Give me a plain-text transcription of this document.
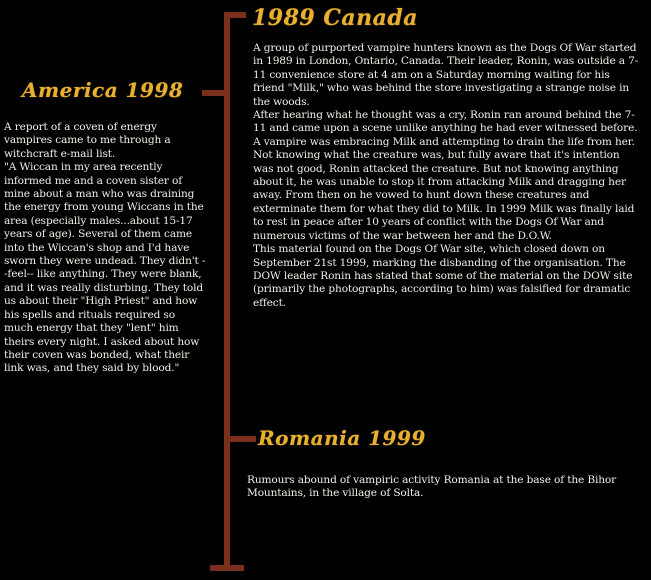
1989 Canada

A group of purported vampire hunters known as the Dogs Of War started in 1989 in London, Ontario, Canada. Their leader, Ronin, was outside a 7-11 convenience store at 4 am on a Saturday morning waiting for his friend "Milk," who was behind the store investigating a strange noise in the woods.

After hearing what he thought was a cry, Ronin ran around behind the 7-11 and came upon a scene unlike anything he had ever witnessed before. A vampire was embracing Milk and attempting to drain the life from her. Not knowing what the creature was, but fully aware that it's intention was not good, Ronin attacked the creature. But not knowing anything about it, he was unable to stop it from attacking Milk and dragging her away. From then on he vowed to hunt down these creatures and exterminate them for what they did to Milk. In 1999 Milk was finally laid to rest in peace after 10 years of conflict with the Dogs Of War and numerous victims of the war between her and the D.O.W.

This material found on the Dogs Of War site, which closed down on September 21st 1999, marking the disbanding of the organisation. The DOW leader Ronin has stated that some of the material on the DOW site (primarily the photographs, according to him) was falsified for dramatic effect.

America 1998

A report of a coven of energy vampires came to me through a witchcraft e-mail list.

"A Wiccan in my area recently informed me and a coven sister of mine about a man who was draining the energy from young Wiccans in the area (especially males...about 15-17 years of age). Several of them came into the Wiccan's shop and I'd have sworn they were undead. They didn't --feel-- like anything. They were blank, and it was really disturbing. They told us about their "High Priest" and how his spells and rituals required so much energy that they "lent" him theirs every night. I asked about how their coven was bonded, what their link was, and they said by blood."

Romania 1999

Rumours abound of vampiric activity Romania at the base of the Bihor Mountains, in the village of Solta.
